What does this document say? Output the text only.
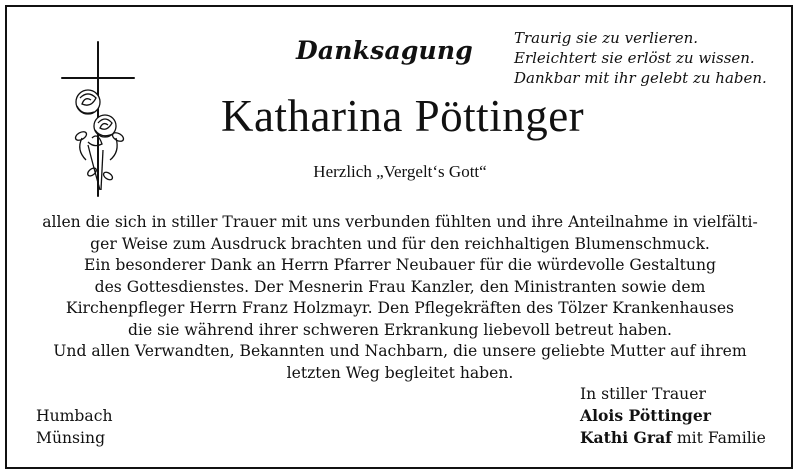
Danksagung	Traurig sie zu verlieren.
Erleichtert sie erlöst zu wissen.
Dankbar mit ihr gelebt zu haben.
Katharina Pöttinger
Herzlich „Vergelt‘s Gott“
allen die sich in stiller Trauer mit uns verbunden fühlten und ihre Anteilnahme in vielfälti-
ger Weise zum Ausdruck brachten und für den reichhaltigen Blumenschmuck.
Ein besonderer Dank an Herrn Pfarrer Neubauer für die würdevolle Gestaltung
des Gottesdienstes. Der Mesnerin Frau Kanzler, den Ministranten sowie dem
Kirchenpfleger Herrn Franz Holzmayr. Den Pflegekräften des Tölzer Krankenhauses
die sie während ihrer schweren Erkrankung liebevoll betreut haben.
Und allen Verwandten, Bekannten und Nachbarn, die unsere geliebte Mutter auf ihrem
letzten Weg begleitet haben.
Humbach
Münsing
In stiller Trauer
Alois Pöttinger
Kathi Graf mit Familie
